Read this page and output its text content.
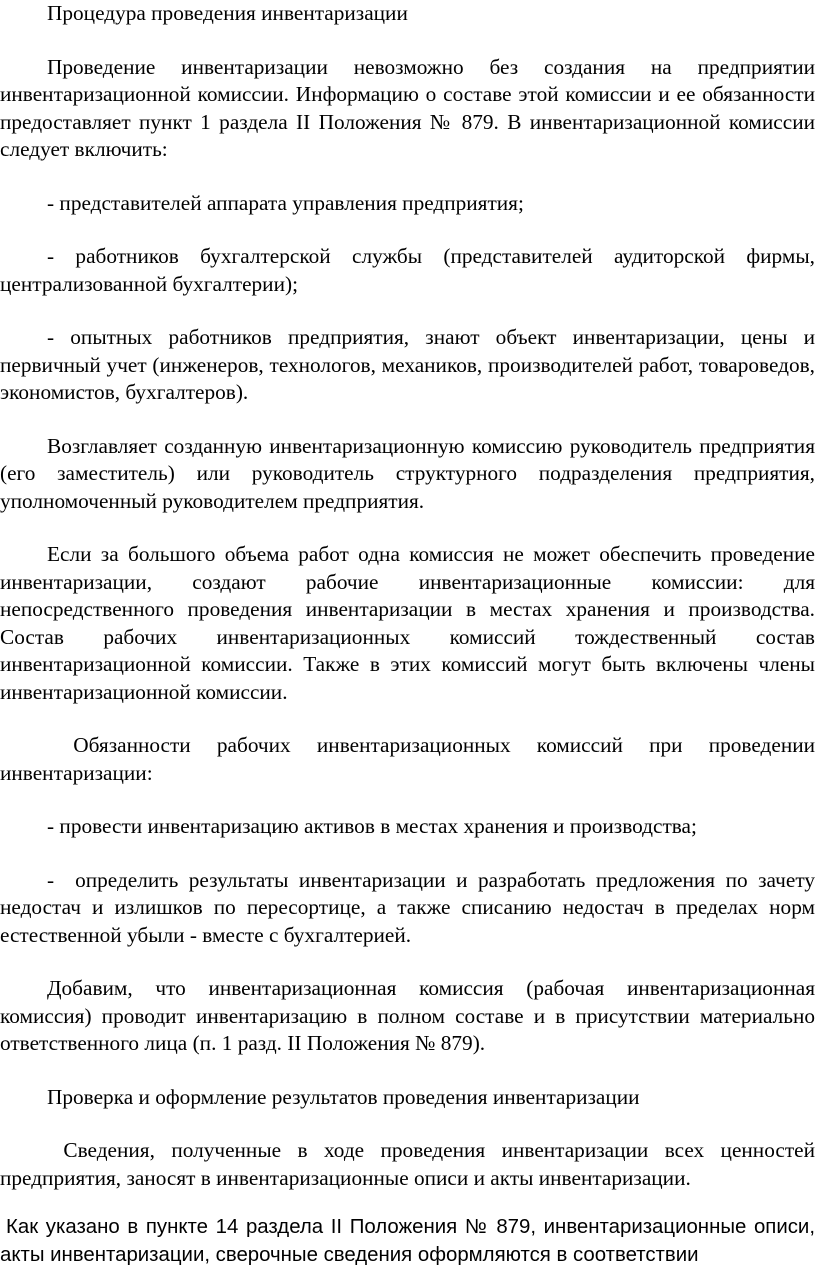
Процедура проведения инвентаризации

Проведение инвентаризации невозможно без создания на предприятии инвентаризационной комиссии. Информацию о составе этой комиссии и ее обязанности предоставляет пункт 1 раздела II Положения № 879. В инвентаризационной комиссии следует включить:

- представителей аппарата управления предприятия;

- работников бухгалтерской службы (представителей аудиторской фирмы, централизованной бухгалтерии);

- опытных работников предприятия, знают объект инвентаризации, цены и первичный учет (инженеров, технологов, механиков, производителей работ, товароведов, экономистов, бухгалтеров).

Возглавляет созданную инвентаризационную комиссию руководитель предприятия (его заместитель) или руководитель структурного подразделения предприятия, уполномоченный руководителем предприятия.

Если за большого объема работ одна комиссия не может обеспечить проведение инвентаризации, создают рабочие инвентаризационные комиссии: для непосредственного проведения инвентаризации в местах хранения и производства. Состав рабочих инвентаризационных комиссий тождественный состав инвентаризационной комиссии. Также в этих комиссий могут быть включены члены инвентаризационной комиссии.

Обязанности рабочих инвентаризационных комиссий при проведении инвентаризации:

- провести инвентаризацию активов в местах хранения и производства;

-  определить результаты инвентаризации и разработать предложения по зачету недостач и излишков по пересортице, а также списанию недостач в пределах норм естественной убыли - вместе с бухгалтерией.

Добавим, что инвентаризационная комиссия (рабочая инвентаризационная комиссия) проводит инвентаризацию в полном составе и в присутствии материально ответственного лица (п. 1 разд. II Положения № 879).

Проверка и оформление результатов проведения инвентаризации

Сведения, полученные в ходе проведения инвентаризации всех ценностей предприятия, заносят в инвентаризационные описи и акты инвентаризации.

Как указано в пункте 14 раздела II Положения № 879, инвентаризационные описи, акты инвентаризации, сверочные сведения оформляются в соответствии
